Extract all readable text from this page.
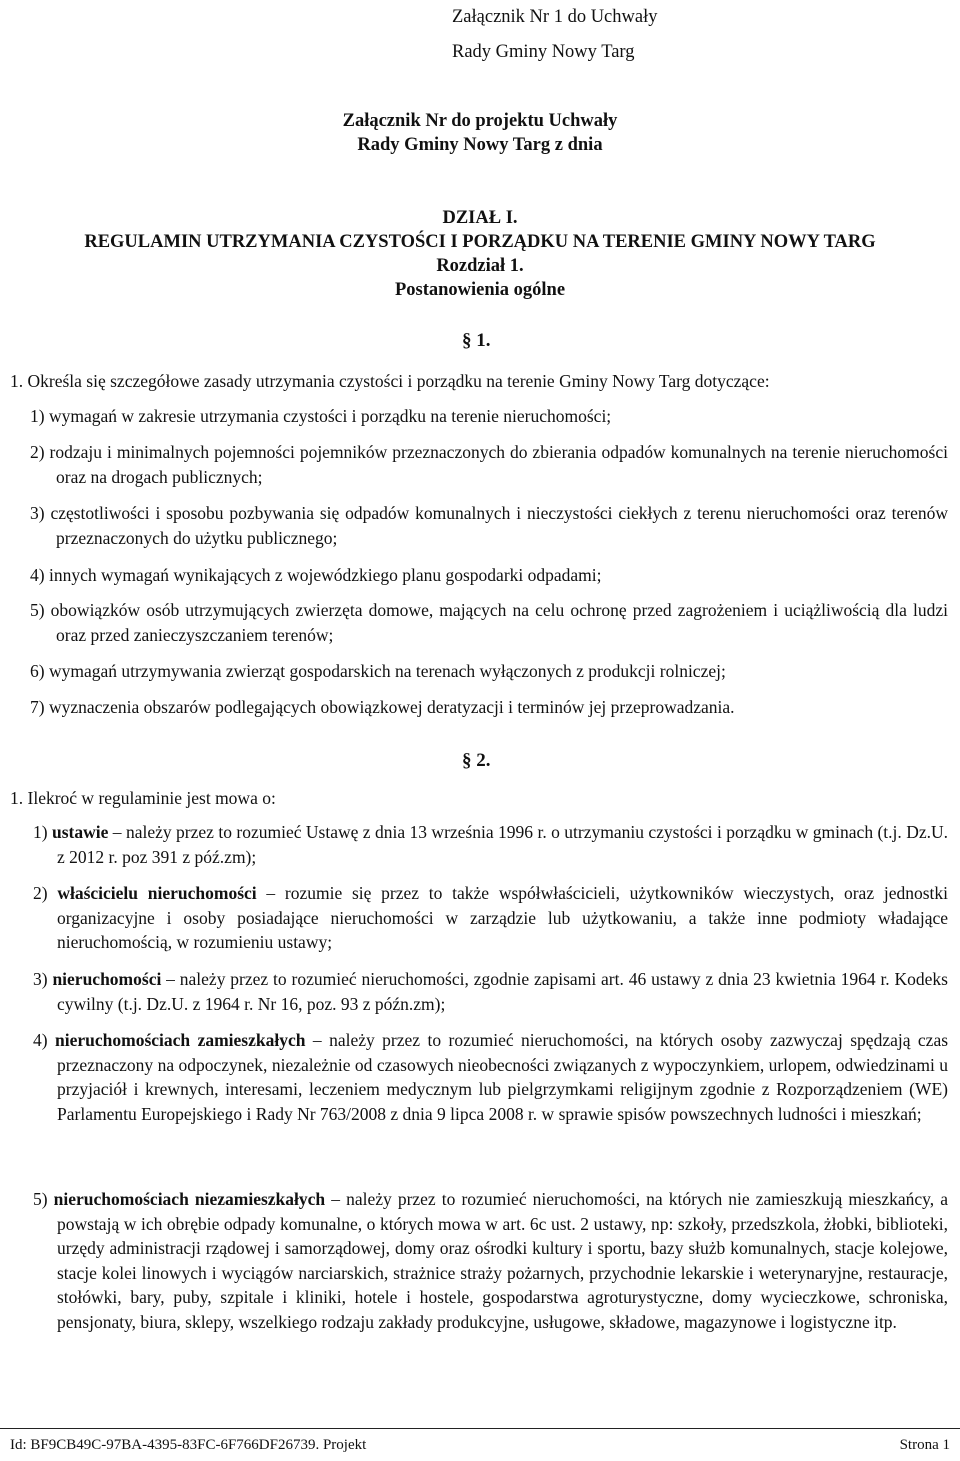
Załącznik Nr 1 do Uchwały
Rady Gminy Nowy Targ
Załącznik Nr do projektu Uchwały
Rady Gminy Nowy Targ z dnia
DZIAŁ I.
REGULAMIN UTRZYMANIA CZYSTOŚCI I PORZĄDKU NA TERENIE GMINY NOWY TARG
Rozdział 1.
Postanowienia ogólne
§ 1.

1. Określa się szczegółowe zasady utrzymania czystości i porządku na terenie Gminy Nowy Targ dotyczące:

1) wymagań w zakresie utrzymania czystości i porządku na terenie nieruchomości;
2) rodzaju i minimalnych pojemności pojemników przeznaczonych do zbierania odpadów komunalnych na terenie nieruchomości oraz na drogach publicznych;
3) częstotliwości i sposobu pozbywania się odpadów komunalnych i nieczystości ciekłych z terenu nieruchomości oraz terenów przeznaczonych do użytku publicznego;
4) innych wymagań wynikających z wojewódzkiego planu gospodarki odpadami;
5) obowiązków osób utrzymujących zwierzęta domowe, mających na celu ochronę przed zagrożeniem i uciążliwością dla ludzi oraz przed zanieczyszczaniem terenów;
6) wymagań utrzymywania zwierząt gospodarskich na terenach wyłączonych z produkcji rolniczej;
7) wyznaczenia obszarów podlegających obowiązkowej deratyzacji i terminów jej przeprowadzania.
§ 2.
1. Ilekroć w regulaminie jest mowa o:
1) ustawie – należy przez to rozumieć Ustawę z dnia 13 września 1996 r. o utrzymaniu czystości i porządku w gminach (t.j. Dz.U. z 2012 r. poz 391 z póź.zm);
2) właścicielu nieruchomości – rozumie się przez to także współwłaścicieli, użytkowników wieczystych, oraz jednostki organizacyjne i osoby posiadające nieruchomości w zarządzie lub użytkowaniu, a także inne podmioty władające nieruchomością, w rozumieniu ustawy;
3) nieruchomości – należy przez to rozumieć nieruchomości, zgodnie zapisami art. 46 ustawy z dnia 23 kwietnia 1964 r. Kodeks cywilny (t.j. Dz.U. z 1964 r. Nr 16, poz. 93 z późn.zm);
4) nieruchomościach zamieszkałych – należy przez to rozumieć nieruchomości, na których osoby zazwyczaj spędzają czas przeznaczony na odpoczynek, niezależnie od czasowych nieobecności związanych z wypoczynkiem, urlopem, odwiedzinami u przyjaciół i krewnych, interesami, leczeniem medycznym lub pielgrzymkami religijnym zgodnie z Rozporządzeniem (WE) Parlamentu Europejskiego i Rady Nr 763/2008 z dnia 9 lipca 2008 r. w sprawie spisów powszechnych ludności i mieszkań;
5) nieruchomościach niezamieszkałych – należy przez to rozumieć nieruchomości, na których nie zamieszkują mieszkańcy, a powstają w ich obrębie odpady komunalne, o których mowa w art. 6c ust. 2 ustawy, np: szkoły, przedszkola, żłobki, biblioteki, urzędy administracji rządowej i samorządowej, domy oraz ośrodki kultury i sportu, bazy służb komunalnych, stacje kolejowe, stacje kolei linowych i wyciągów narciarskich, strażnice straży pożarnych, przychodnie lekarskie i weterynaryjne, restauracje, stołówki, bary, puby, szpitale i kliniki, hotele i hostele, gospodarstwa agroturystyczne, domy wycieczkowe, schroniska, pensjonaty, biura, sklepy, wszelkiego rodzaju zakłady produkcyjne, usługowe, składowe, magazynowe i logistyczne itp.
Id: BF9CB49C-97BA-4395-83FC-6F766DF26739. Projekt	Strona 1
